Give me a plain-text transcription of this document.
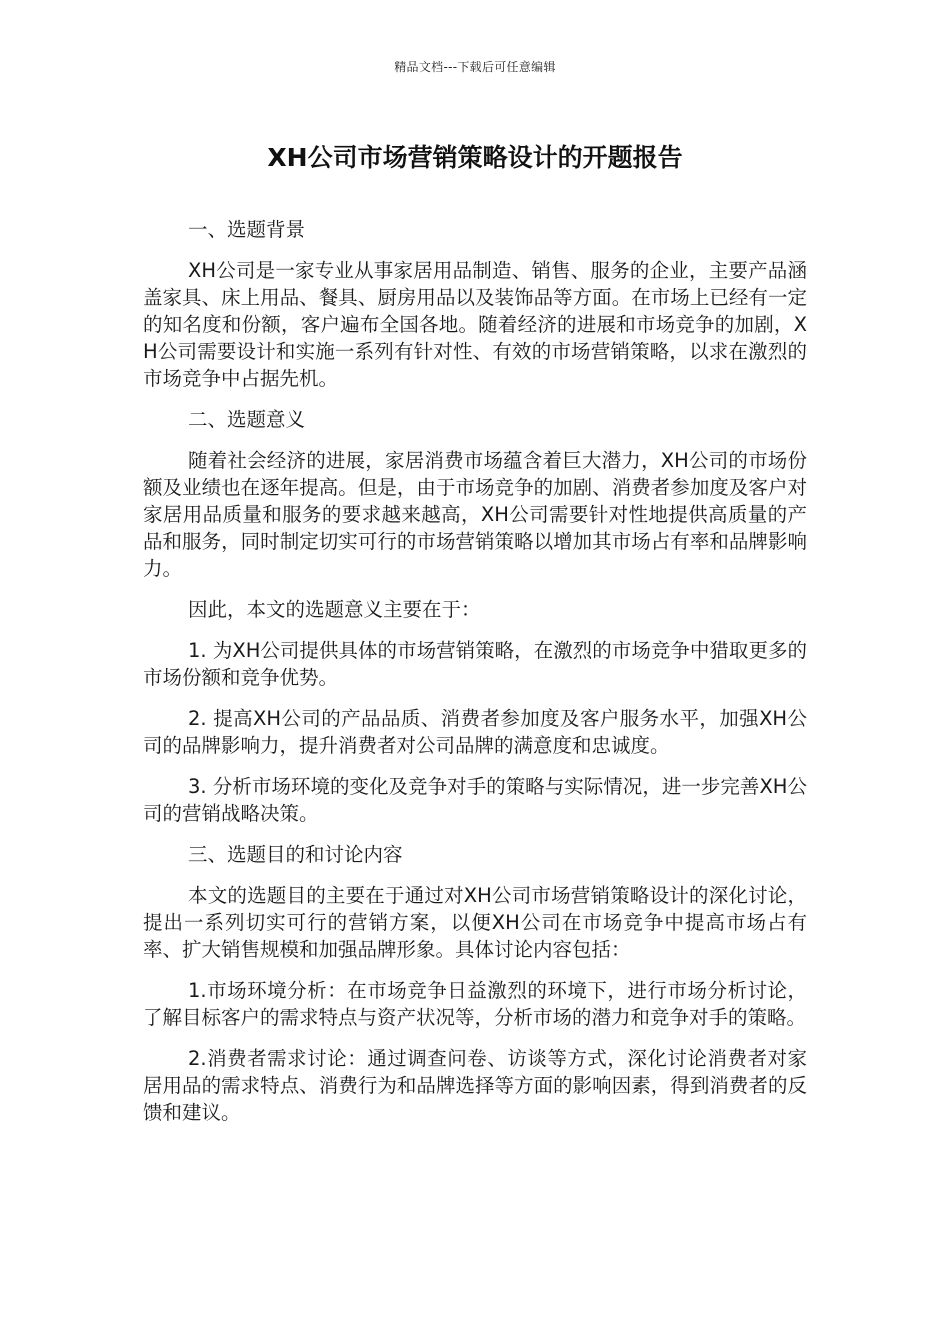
精品文档---下载后可任意编辑
XH公司市场营销策略设计的开题报告

一、选题背景

XH公司是一家专业从事家居用品制造、销售、服务的企业，主要产品涵盖家具、床上用品、餐具、厨房用品以及装饰品等方面。在市场上已经有一定的知名度和份额，客户遍布全国各地。随着经济的进展和市场竞争的加剧，XH公司需要设计和实施一系列有针对性、有效的市场营销策略，以求在激烈的市场竞争中占据先机。

二、选题意义

随着社会经济的进展，家居消费市场蕴含着巨大潜力，XH公司的市场份额及业绩也在逐年提高。但是，由于市场竞争的加剧、消费者参加度及客户对家居用品质量和服务的要求越来越高，XH公司需要针对性地提供高质量的产品和服务，同时制定切实可行的市场营销策略以增加其市场占有率和品牌影响力。

因此，本文的选题意义主要在于：

1. 为XH公司提供具体的市场营销策略，在激烈的市场竞争中猎取更多的市场份额和竞争优势。

2. 提高XH公司的产品品质、消费者参加度及客户服务水平，加强XH公司的品牌影响力，提升消费者对公司品牌的满意度和忠诚度。

3. 分析市场环境的变化及竞争对手的策略与实际情况，进一步完善XH公司的营销战略决策。

三、选题目的和讨论内容

本文的选题目的主要在于通过对XH公司市场营销策略设计的深化讨论，提出一系列切实可行的营销方案，以便XH公司在市场竞争中提高市场占有率、扩大销售规模和加强品牌形象。具体讨论内容包括：

1.市场环境分析：在市场竞争日益激烈的环境下，进行市场分析讨论，了解目标客户的需求特点与资产状况等，分析市场的潜力和竞争对手的策略。

2.消费者需求讨论：通过调查问卷、访谈等方式，深化讨论消费者对家居用品的需求特点、消费行为和品牌选择等方面的影响因素，得到消费者的反馈和建议。
